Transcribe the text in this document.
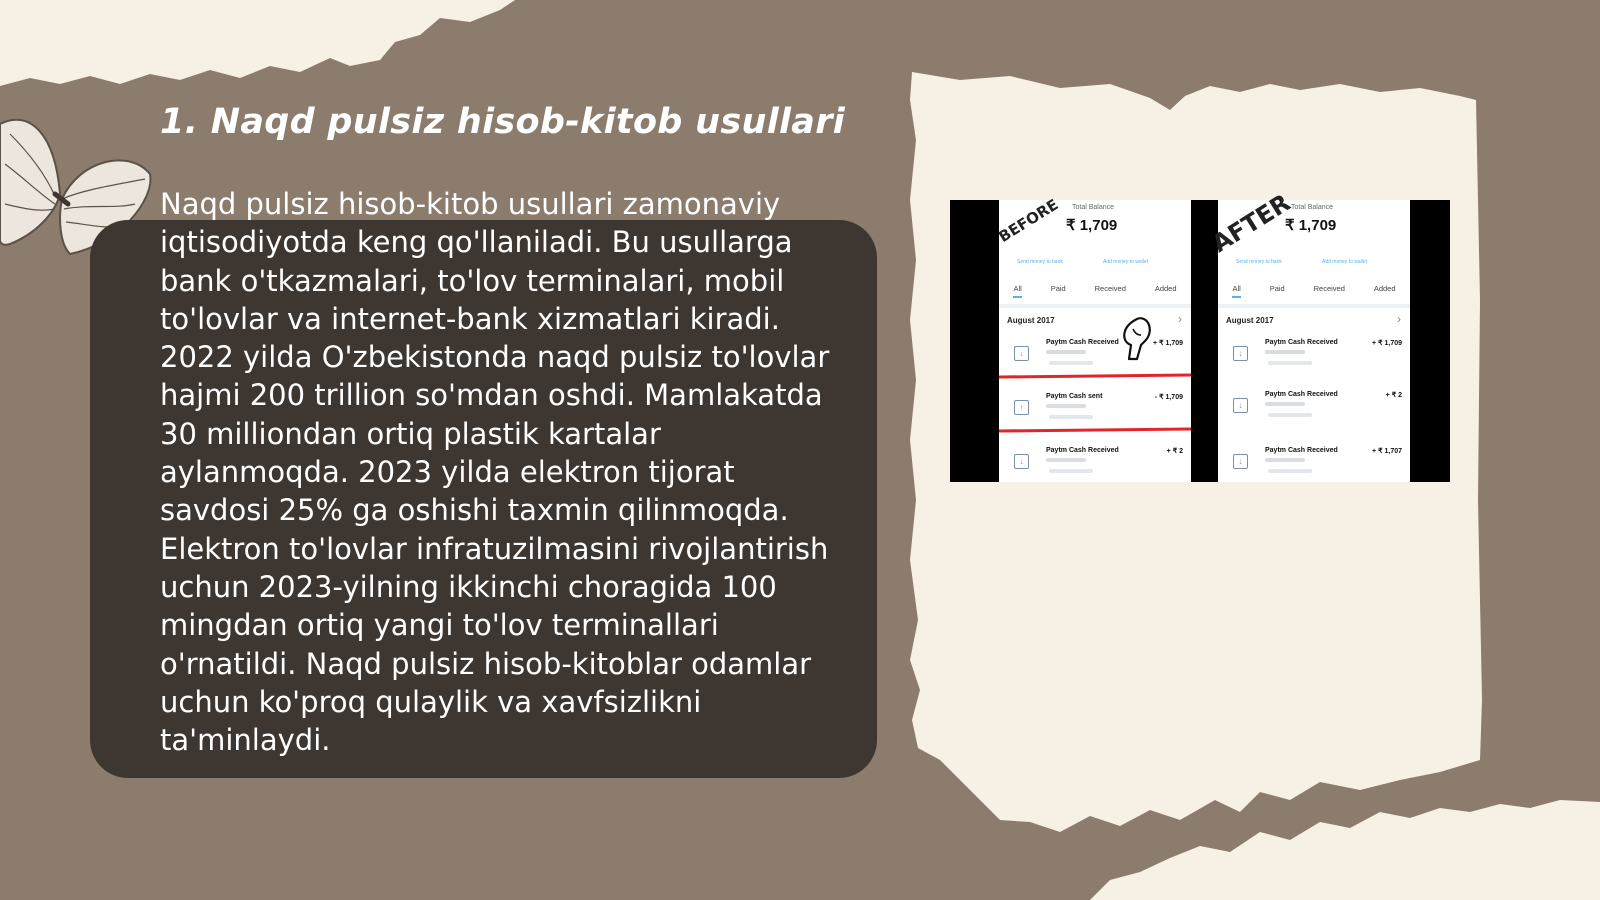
1. Naqd pulsiz hisob-kitob usullari

Naqd pulsiz hisob-kitob usullari zamonaviy iqtisodiyotda keng qo'llaniladi. Bu usullarga bank o'tkazmalari, to'lov terminalari, mobil to'lovlar va internet-bank xizmatlari kiradi. 2022 yilda O'zbekistonda naqd pulsiz to'lovlar hajmi 200 trillion so'mdan oshdi. Mamlakatda 30 milliondan ortiq plastik kartalar aylanmoqda. 2023 yilda elektron tijorat savdosi 25% ga oshishi taxmin qilinmoqda. Elektron to'lovlar infratuzilmasini rivojlantirish uchun 2023-yilning ikkinchi choragida 100 mingdan ortiq yangi to'lov terminallari o'rnatildi. Naqd pulsiz hisob-kitoblar odamlar uchun ko'proq qulaylik va xavfsizlikni ta'minlaydi.

BEFORE Total Balance
₹ 1,709
Send money to bank	Add money to wallet
All	Paid	Received	Added
August 2017	›
↓
Paytm Cash Received	+ ₹ 1,709
↑
Paytm Cash sent	- ₹ 1,709
↓
Paytm Cash Received	+ ₹ 2
AFTER
Total Balance
₹ 1,709
Send money to bank	Add money to wallet
All	Paid	Received	Added
August 2017	›
↓
Paytm Cash Received	+ ₹ 1,709
↓
Paytm Cash Received	+ ₹ 2
↓
Paytm Cash Received	+ ₹ 1,707
